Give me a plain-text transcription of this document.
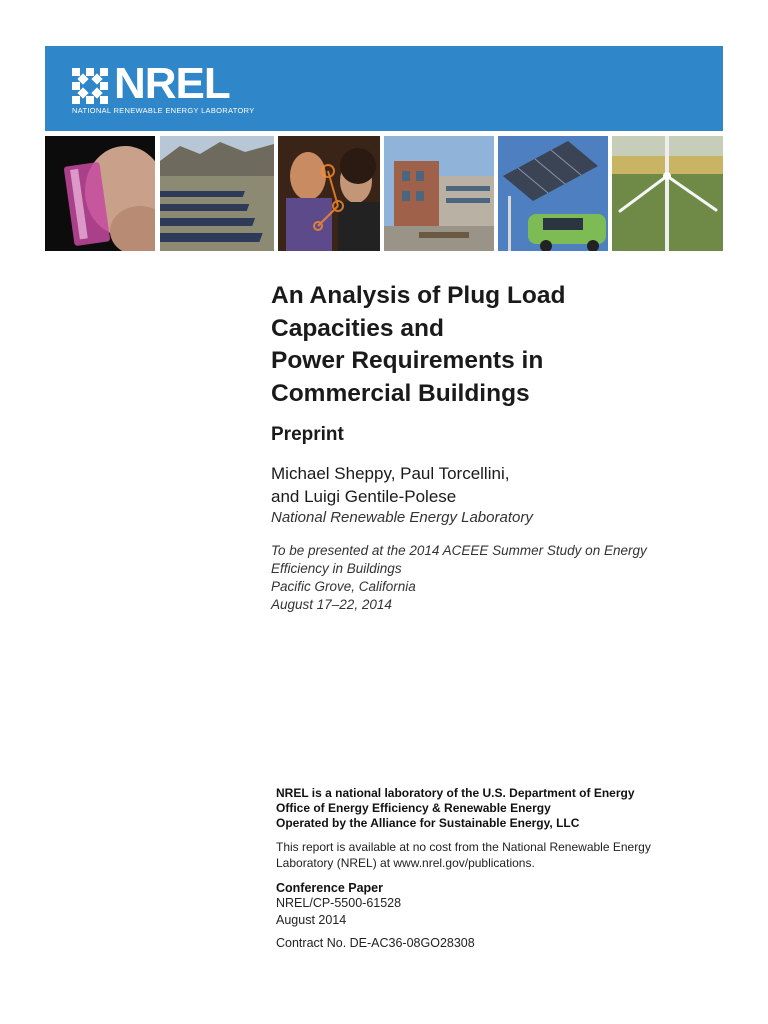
NREL
NATIONAL RENEWABLE ENERGY LABORATORY
An Analysis of Plug Load
Capacities and
Power Requirements in
Commercial Buildings
Preprint
Michael Sheppy, Paul Torcellini,
and Luigi Gentile-Polese
National Renewable Energy Laboratory
To be presented at the 2014 ACEEE Summer Study on Energy
Efficiency in Buildings
Pacific Grove, California
August 17–22, 2014
NREL is a national laboratory of the U.S. Department of Energy
Office of Energy Efficiency & Renewable Energy
Operated by the Alliance for Sustainable Energy, LLC
This report is available at no cost from the National Renewable Energy
Laboratory (NREL) at www.nrel.gov/publications.
Conference Paper
NREL/CP-5500-61528
August 2014
Contract No. DE-AC36-08GO28308
